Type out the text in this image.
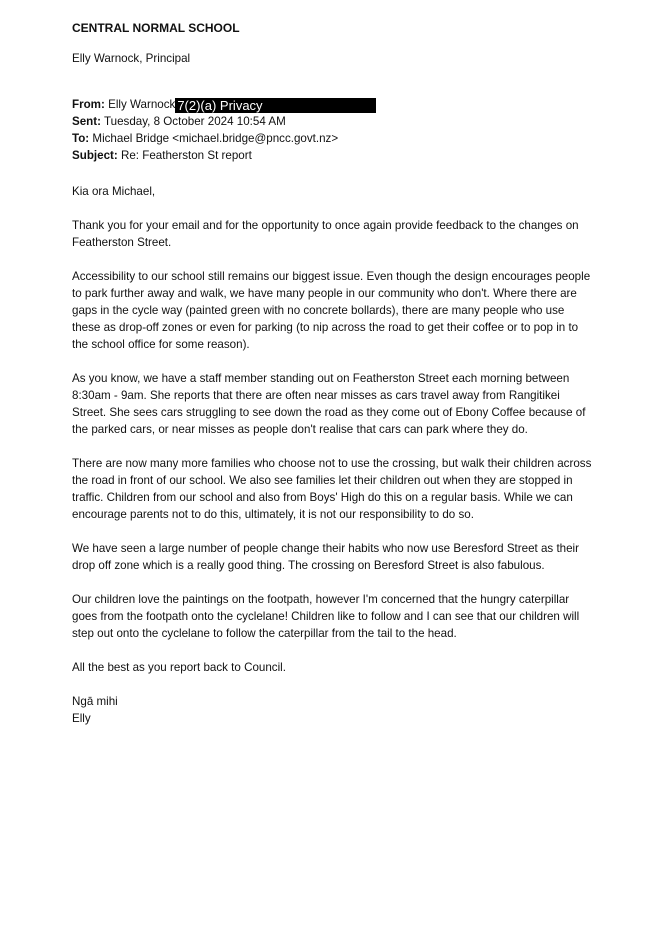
CENTRAL NORMAL SCHOOL
Elly Warnock, Principal
From: Elly Warnock 7(2)(a) Privacy
Sent: Tuesday, 8 October 2024 10:54 AM
To: Michael Bridge <michael.bridge@pncc.govt.nz>
Subject: Re: Featherston St report

Kia ora Michael,

Thank you for your email and for the opportunity to once again provide feedback to the changes on Featherston Street.

Accessibility to our school still remains our biggest issue. Even though the design encourages people to park further away and walk, we have many people in our community who don't. Where there are gaps in the cycle way (painted green with no concrete bollards), there are many people who use these as drop-off zones or even for parking (to nip across the road to get their coffee or to pop in to the school office for some reason).

As you know, we have a staff member standing out on Featherston Street each morning between 8:30am - 9am. She reports that there are often near misses as cars travel away from Rangitikei Street. She sees cars struggling to see down the road as they come out of Ebony Coffee because of the parked cars, or near misses as people don't realise that cars can park where they do.

There are now many more families who choose not to use the crossing, but walk their children across the road in front of our school. We also see families let their children out when they are stopped in traffic. Children from our school and also from Boys' High do this on a regular basis. While we can encourage parents not to do this, ultimately, it is not our responsibility to do so.

We have seen a large number of people change their habits who now use Beresford Street as their drop off zone which is a really good thing. The crossing on Beresford Street is also fabulous.

Our children love the paintings on the footpath, however I'm concerned that the hungry caterpillar goes from the footpath onto the cyclelane! Children like to follow and I can see that our children will step out onto the cyclelane to follow the caterpillar from the tail to the head.

All the best as you report back to Council.

Ngā mihi
Elly
